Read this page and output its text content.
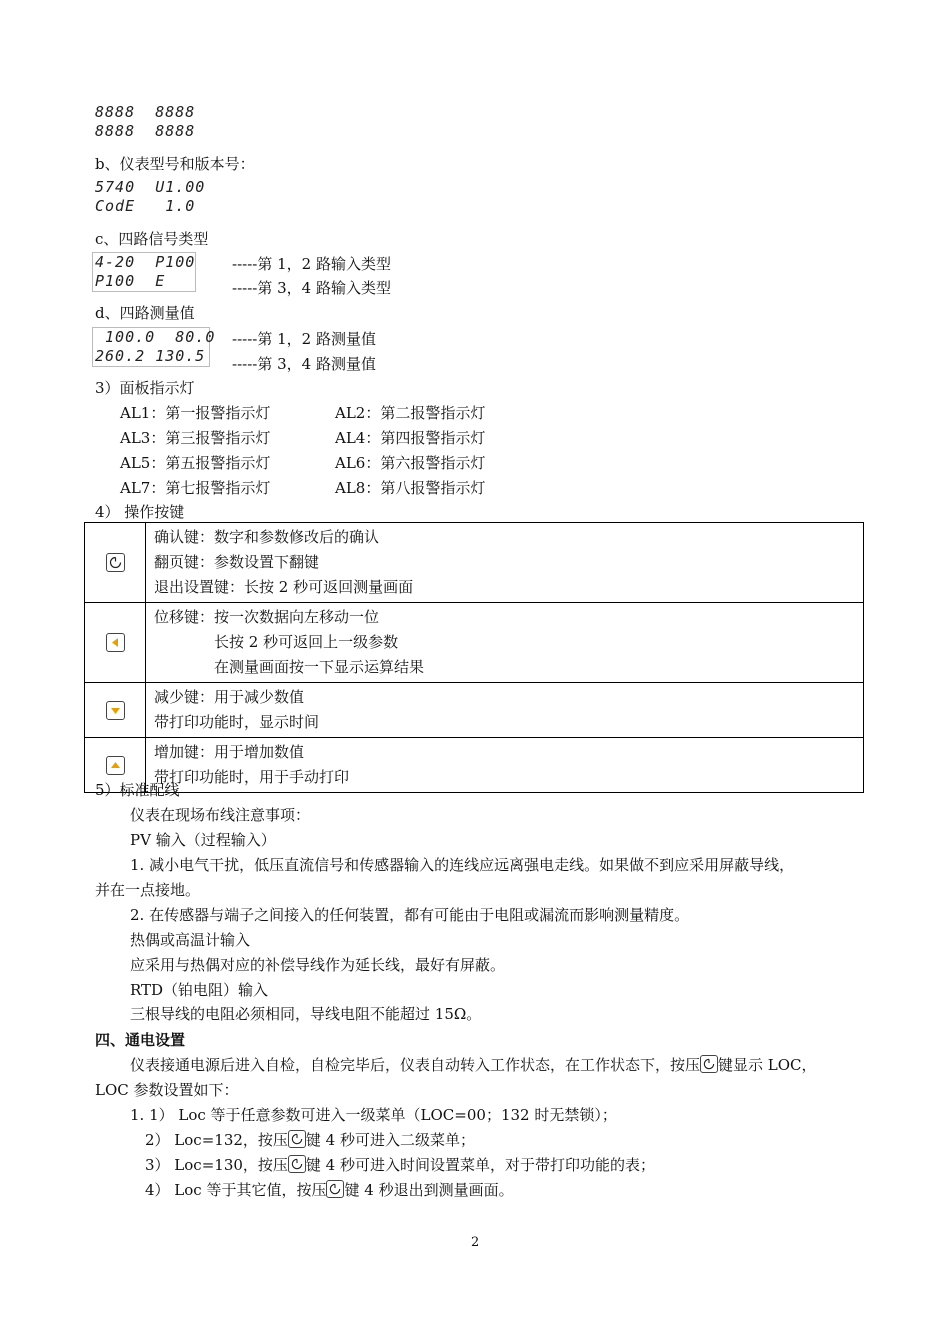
8888 8888
8888 8888
b、仪表型号和版本号：
5740 U1.00
CodE 1.0
c、四路信号类型
4-20 P100
P100 E
-----第 1，2 路输入类型
-----第 3，4 路输入类型
d、四路测量值
100.0 80.0
260.2 130.5
-----第 1，2 路测量值
-----第 3，4 路测量值
3）面板指示灯
AL1：第一报警指示灯	AL2：第二报警指示灯
AL3：第三报警指示灯	AL4：第四报警指示灯
AL5：第五报警指示灯	AL6：第六报警指示灯
AL7：第七报警指示灯	AL8：第八报警指示灯
4） 操作按键

确认键：数字和参数修改后的确认
翻页键：参数设置下翻键
退出设置键：长按 2 秒可返回测量画面

位移键：按一次数据向左移动一位
长按 2 秒可返回上一级参数
在测量画面按一下显示运算结果

减少键：用于减少数值
带打印功能时，显示时间

增加键：用于增加数值
带打印功能时，用于手动打印
5）标准配线
仪表在现场布线注意事项：
PV 输入（过程输入）
1. 减小电气干扰，低压直流信号和传感器输入的连线应远离强电走线。如果做不到应采用屏蔽导线，
并在一点接地。
2. 在传感器与端子之间接入的任何装置，都有可能由于电阻或漏流而影响测量精度。
热偶或高温计输入
应采用与热偶对应的补偿导线作为延长线，最好有屏蔽。
RTD（铂电阻）输入
三根导线的电阻必须相同，导线电阻不能超过 15Ω。
四、通电设置
仪表接通电源后进入自检，自检完毕后，仪表自动转入工作状态，在工作状态下，按压 键显示 LOC，
LOC 参数设置如下：
1. 1） Loc 等于任意参数可进入一级菜单（LOC=00；132 时无禁锁）；
2） Loc=132，按压 键 4 秒可进入二级菜单；
3） Loc=130，按压 键 4 秒可进入时间设置菜单，对于带打印功能的表；
4） Loc 等于其它值，按压 键 4 秒退出到测量画面。
2
